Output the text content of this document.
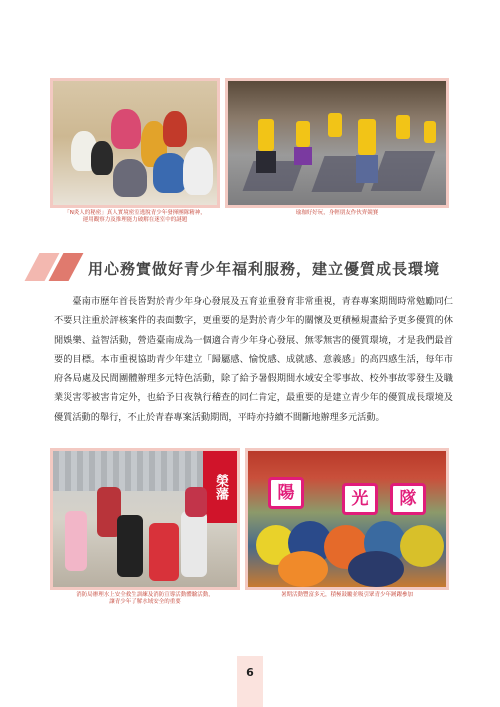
「N炎人的秘密」真人實境密室逃脫青少年發揮團隊精神，
運用觀察力及推理能力破解在迷室中的謎題
瑜珈好好玩，身輕朋友作伙齊競賽
用心務實做好青少年福利服務，建立優質成長環境

臺南市歷年首長皆對於青少年身心發展及五育並重發育非常重視，青春專案期間時常勉勵同仁不要只注重於評核案件的表面數字，更重要的是對於青少年的關懷及更積極規畫給予更多優質的休閒娛樂、益智活動，營造臺南成為一個適合青少年身心發展、無零無害的優質環境，才是我們最首要的目標。本市重視協助青少年建立「歸屬感、愉悅感、成就感、意義感」的高四感生活，每年市府各局處及民間團體辦理多元特色活動，除了給予暑假期間水域安全零事故、校外事故零發生及職業災害零被害肯定外，也給予日夜執行稽查的同仁肯定，最重要的是建立青少年的優質成長環境及優質活動的舉行，不止於青春專案活動期間，平時亦持續不間斷地辦理多元活動。

榮藩	陽	光	隊
消防局辦理水上安全救生訓練及消防宣導活動體驗活動，
讓青少年了解水域安全的重要
暑期活動豐富多元，積極鼓勵並吸引眾青少年踴躍參加
6
